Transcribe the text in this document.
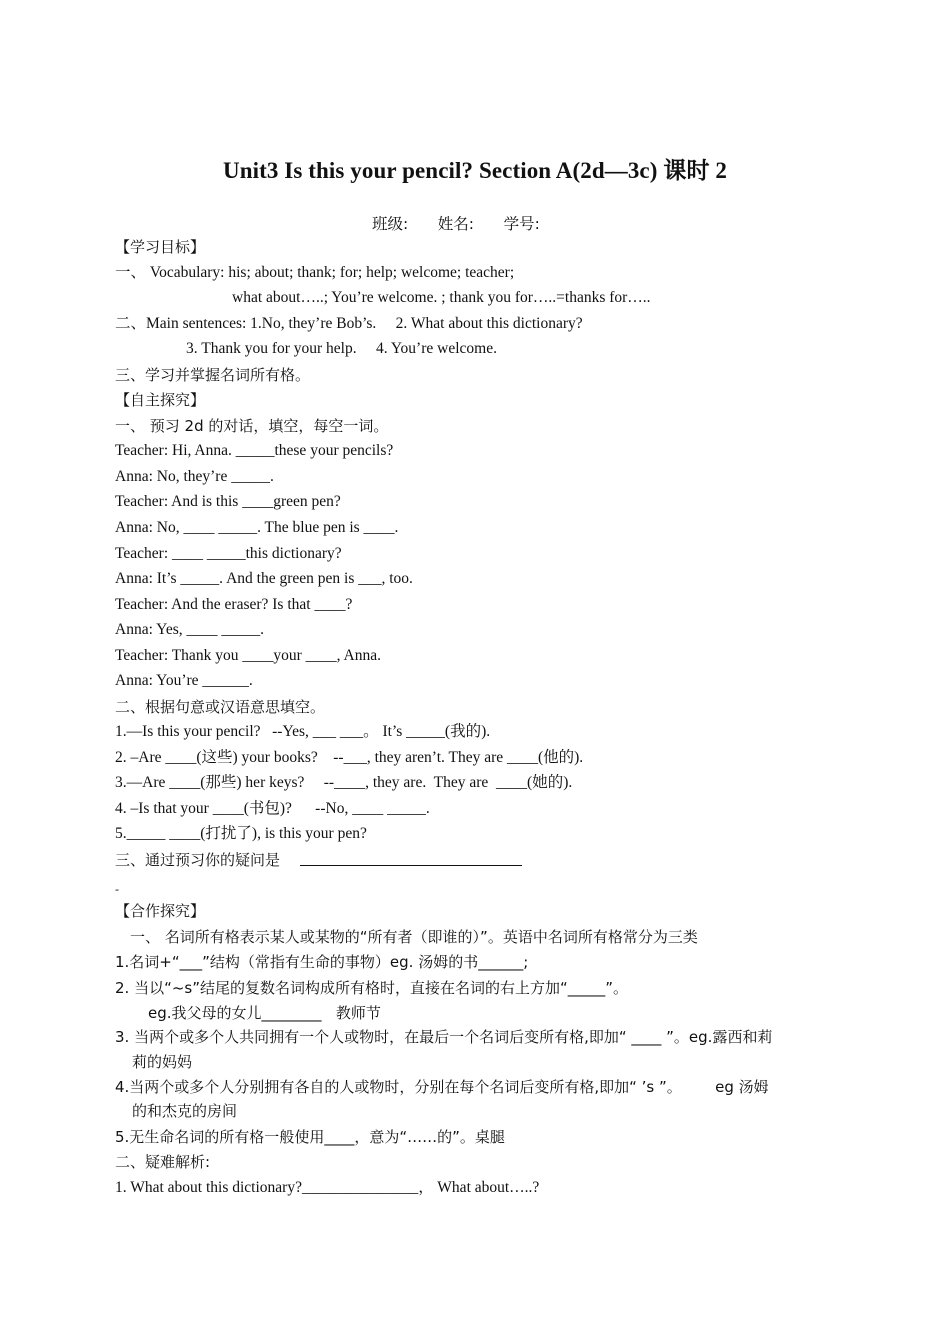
Unit3 Is this your pencil? Section A(2d—3c) 课时 2
班级:      姓名:      学号:
【学习目标】
一、 Vocabulary: his; about; thank; for; help; welcome; teacher;
what about…..; You’re welcome. ; thank you for…..=thanks for…..
二、Main sentences: 1.No, they’re Bob’s.     2. What about this dictionary?
3. Thank you for your help.     4. You’re welcome.
三、学习并掌握名词所有格。
【自主探究】
一、 预习 2d 的对话，填空，每空一词。
Teacher: Hi, Anna. _____these your pencils?
Anna: No, they’re _____.
Teacher: And is this ____green pen?
Anna: No, ____ _____. The blue pen is ____.
Teacher: ____ _____this dictionary?
Anna: It’s _____. And the green pen is ___, too.
Teacher: And the eraser? Is that ____?
Anna: Yes, ____ _____.
Teacher: Thank you ____your ____, Anna.
Anna: You’re ______.
二、根据句意或汉语意思填空。
1.—Is this your pencil?   --Yes, ___ ___。 It’s _____(我的).
2. –Are ____(这些) your books?    --___, they aren’t. They are ____(他的).
3.—Are ____(那些) her keys?     --____, they are.  They are  ____(她的).
4. –Is that your ____(书包)?      --No, ____ _____.
5._____ ____(打扰了), is this your pen?
三、通过预习你的疑问是
-
【合作探究】
一、 名词所有格表示某人或某物的“所有者（即谁的）”。英语中名词所有格常分为三类
1.名词+“___”结构（常指有生命的事物）eg. 汤姆的书______;
2. 当以“~s”结尾的复数名词构成所有格时，直接在名词的右上方加“_____”。
eg.我父母的女儿________   教师节
3. 当两个或多个人共同拥有一个人或物时，在最后一个名词后变所有格,即加“ ____ ”。eg.露西和莉
莉的妈妈
4.当两个或多个人分别拥有各自的人或物时，分别在每个名词后变所有格,即加“ ’s ”。       eg 汤姆
的和杰克的房间
5.无生命名词的所有格一般使用____，意为“……的”。桌腿
二、疑难解析:
1. What about this dictionary?_______________， What about…..?
